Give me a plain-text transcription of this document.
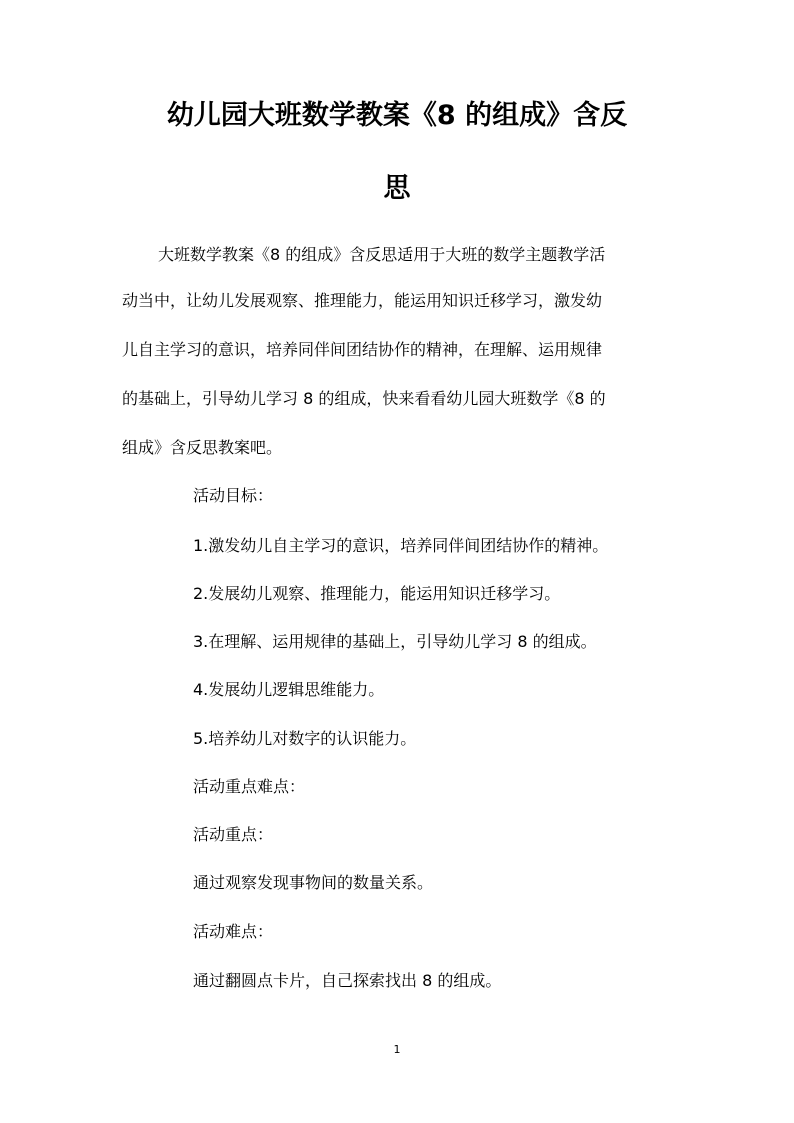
幼儿园大班数学教案《8 的组成》含反
思
大班数学教案《8 的组成》含反思适用于大班的数学主题教学活
动当中，让幼儿发展观察、推理能力，能运用知识迁移学习，激发幼
儿自主学习的意识，培养同伴间团结协作的精神，在理解、运用规律
的基础上，引导幼儿学习 8 的组成，快来看看幼儿园大班数学《8 的
组成》含反思教案吧。
活动目标：
1.激发幼儿自主学习的意识，培养同伴间团结协作的精神。
2.发展幼儿观察、推理能力，能运用知识迁移学习。
3.在理解、运用规律的基础上，引导幼儿学习 8 的组成。
4.发展幼儿逻辑思维能力。
5.培养幼儿对数字的认识能力。
活动重点难点：
活动重点：
通过观察发现事物间的数量关系。
活动难点：
通过翻圆点卡片，自己探索找出 8 的组成。
1
